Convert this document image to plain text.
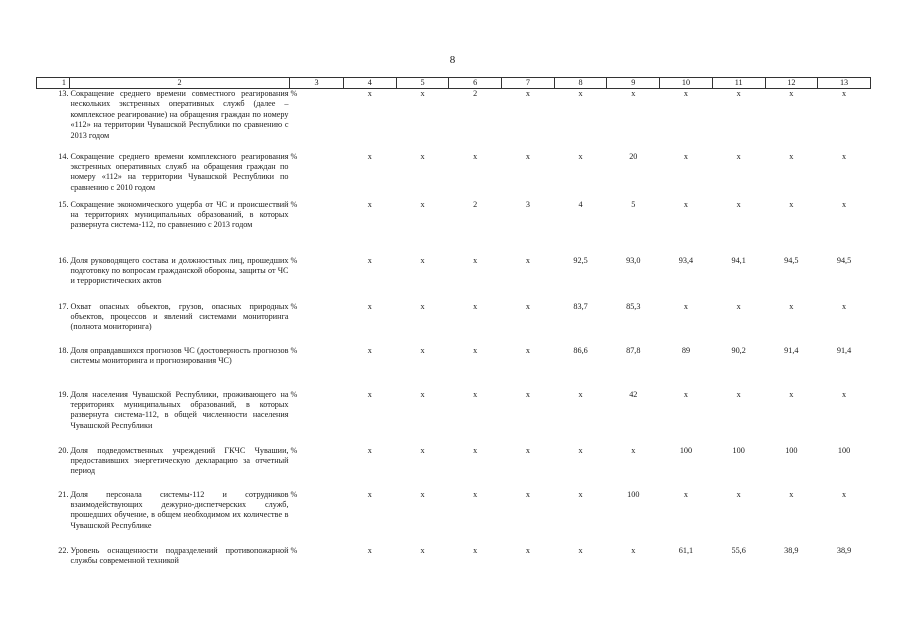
8
1	2	3	4	5	6	7	8	9	10	11	12	13
13.	Сокращение среднего времени совместного реагирования нескольких экстренных оперативных служб (далее – комплексное реагирование) на обращения граждан по номеру «112» на территории Чувашской Республики по сравнению с 2013 годом	%	x	x	2	x	x	x	x	x	x	x
14.	Сокращение среднего времени комплексного реагирования экстренных оперативных служб на обращения граждан по номеру «112» на территории Чувашской Республики по сравнению с 2010 годом	%	x	x	x	x	x	20	x	x	x	x
15.	Сокращение экономического ущерба от ЧС и происшествий на территориях муниципальных образований, в которых развернута система-112, по сравнению с 2013 годом	%	x	x	2	3	4	5	x	x	x	x
16.	Доля руководящего состава и должностных лиц, прошедших подготовку по вопросам гражданской обороны, защиты от ЧС и террористических актов	%	x	x	x	x	92,5	93,0	93,4	94,1	94,5	94,5
17.	Охват опасных объектов, грузов, опасных природных объектов, процессов и явлений системами мониторинга (полнота мониторинга)	%	x	x	x	x	83,7	85,3	x	x	x	x
18.	Доля оправдавшихся прогнозов ЧС (достоверность прогнозов системы мониторинга и прогнозирования ЧС)	%	x	x	x	x	86,6	87,8	89	90,2	91,4	91,4
19.	Доля населения Чувашской Республики, проживающего на территориях муниципальных образований, в которых развернута система-112, в общей численности населения Чувашской Республики	%	x	x	x	x	x	42	x	x	x	x
20.	Доля подведомственных учреждений ГКЧС Чувашии, предоставивших энергетическую декларацию за отчетный период	%	x	x	x	x	x	x	100	100	100	100
21.	Доля персонала системы-112 и сотрудников взаимодействующих дежурно-диспетчерских служб, прошедших обучение, в общем необходимом их количестве в Чувашской Республике	%	x	x	x	x	x	100	x	x	x	x
22.	Уровень оснащенности подразделений противопожарной службы современной техникой	%	x	x	x	x	x	x	61,1	55,6	38,9	38,9
